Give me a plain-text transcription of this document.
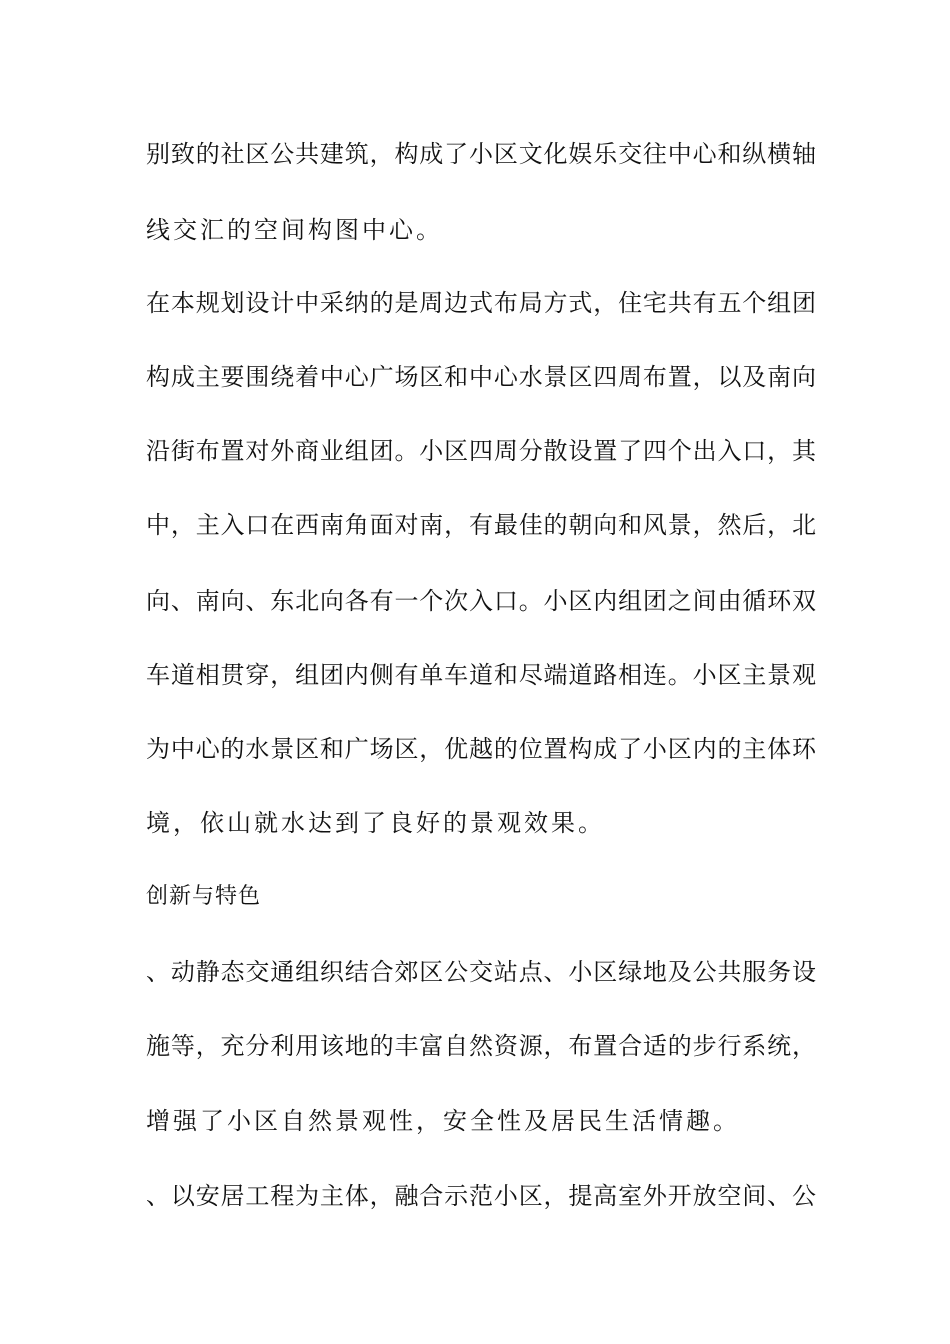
别致的社区公共建筑，构成了小区文化娱乐交往中心和纵横轴
线交汇的空间构图中心。
在本规划设计中采纳的是周边式布局方式，住宅共有五个组团
构成主要围绕着中心广场区和中心水景区四周布置，以及南向
沿街布置对外商业组团。小区四周分散设置了四个出入口，其
中，主入口在西南角面对南，有最佳的朝向和风景，然后，北
向、南向、东北向各有一个次入口。小区内组团之间由循环双
车道相贯穿，组团内侧有单车道和尽端道路相连。小区主景观
为中心的水景区和广场区，优越的位置构成了小区内的主体环
境，依山就水达到了良好的景观效果。
创新与特色
、动静态交通组织结合郊区公交站点、小区绿地及公共服务设
施等，充分利用该地的丰富自然资源，布置合适的步行系统，
增强了小区自然景观性，安全性及居民生活情趣。
、以安居工程为主体，融合示范小区，提高室外开放空间、公
